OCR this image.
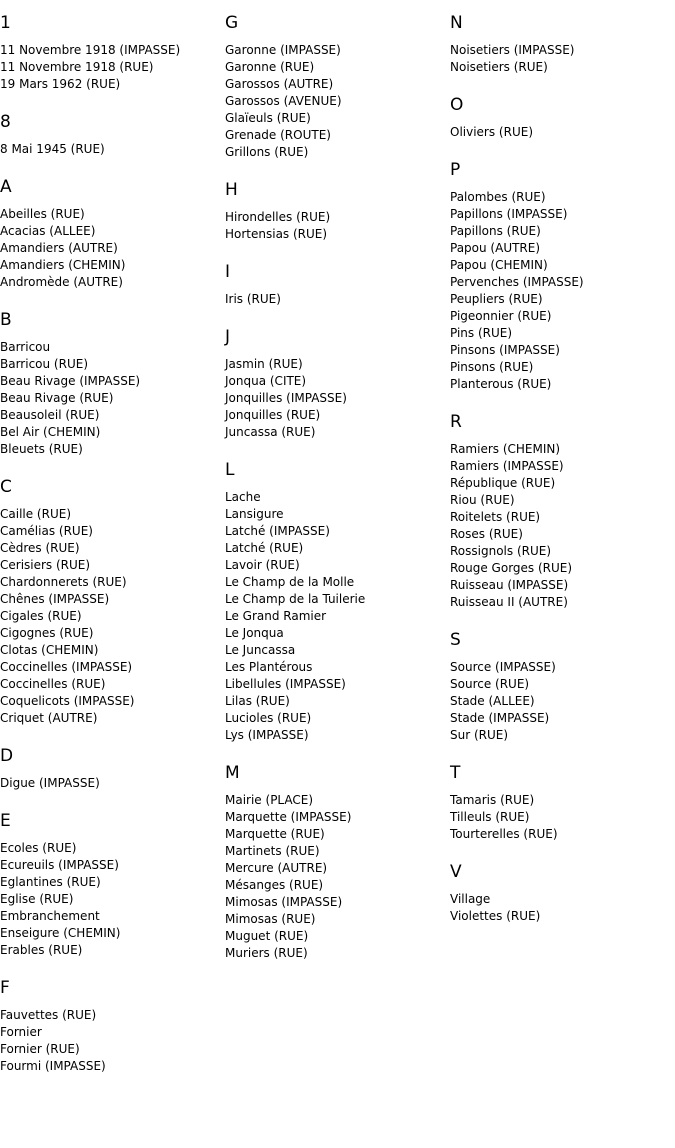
1
11 Novembre 1918 (IMPASSE)
11 Novembre 1918 (RUE)
19 Mars 1962 (RUE)
8
8 Mai 1945 (RUE)
A
Abeilles (RUE)
Acacias (ALLEE)
Amandiers (AUTRE)
Amandiers (CHEMIN)
Andromède (AUTRE)
B
Barricou
Barricou (RUE)
Beau Rivage (IMPASSE)
Beau Rivage (RUE)
Beausoleil (RUE)
Bel Air (CHEMIN)
Bleuets (RUE)
C
Caille (RUE)
Camélias (RUE)
Cèdres (RUE)
Cerisiers (RUE)
Chardonnerets (RUE)
Chênes (IMPASSE)
Cigales (RUE)
Cigognes (RUE)
Clotas (CHEMIN)
Coccinelles (IMPASSE)
Coccinelles (RUE)
Coquelicots (IMPASSE)
Criquet (AUTRE)
D
Digue (IMPASSE)
E
Ecoles (RUE)
Ecureuils (IMPASSE)
Eglantines (RUE)
Eglise (RUE)
Embranchement
Enseigure (CHEMIN)
Erables (RUE)
F
Fauvettes (RUE)
Fornier
Fornier (RUE)
Fourmi (IMPASSE)
G
Garonne (IMPASSE)
Garonne (RUE)
Garossos (AUTRE)
Garossos (AVENUE)
Glaïeuls (RUE)
Grenade (ROUTE)
Grillons (RUE)
H
Hirondelles (RUE)
Hortensias (RUE)
I
Iris (RUE)
J
Jasmin (RUE)
Jonqua (CITE)
Jonquilles (IMPASSE)
Jonquilles (RUE)
Juncassa (RUE)
L
Lache
Lansigure
Latché (IMPASSE)
Latché (RUE)
Lavoir (RUE)
Le Champ de la Molle
Le Champ de la Tuilerie
Le Grand Ramier
Le Jonqua
Le Juncassa
Les Plantérous
Libellules (IMPASSE)
Lilas (RUE)
Lucioles (RUE)
Lys (IMPASSE)
M
Mairie (PLACE)
Marquette (IMPASSE)
Marquette (RUE)
Martinets (RUE)
Mercure (AUTRE)
Mésanges (RUE)
Mimosas (IMPASSE)
Mimosas (RUE)
Muguet (RUE)
Muriers (RUE)
N
Noisetiers (IMPASSE)
Noisetiers (RUE)
O
Oliviers (RUE)
P
Palombes (RUE)
Papillons (IMPASSE)
Papillons (RUE)
Papou (AUTRE)
Papou (CHEMIN)
Pervenches (IMPASSE)
Peupliers (RUE)
Pigeonnier (RUE)
Pins (RUE)
Pinsons (IMPASSE)
Pinsons (RUE)
Planterous (RUE)
R
Ramiers (CHEMIN)
Ramiers (IMPASSE)
République (RUE)
Riou (RUE)
Roitelets (RUE)
Roses (RUE)
Rossignols (RUE)
Rouge Gorges (RUE)
Ruisseau (IMPASSE)
Ruisseau II (AUTRE)
S
Source (IMPASSE)
Source (RUE)
Stade (ALLEE)
Stade (IMPASSE)
Sur (RUE)
T
Tamaris (RUE)
Tilleuls (RUE)
Tourterelles (RUE)
V
Village
Violettes (RUE)
